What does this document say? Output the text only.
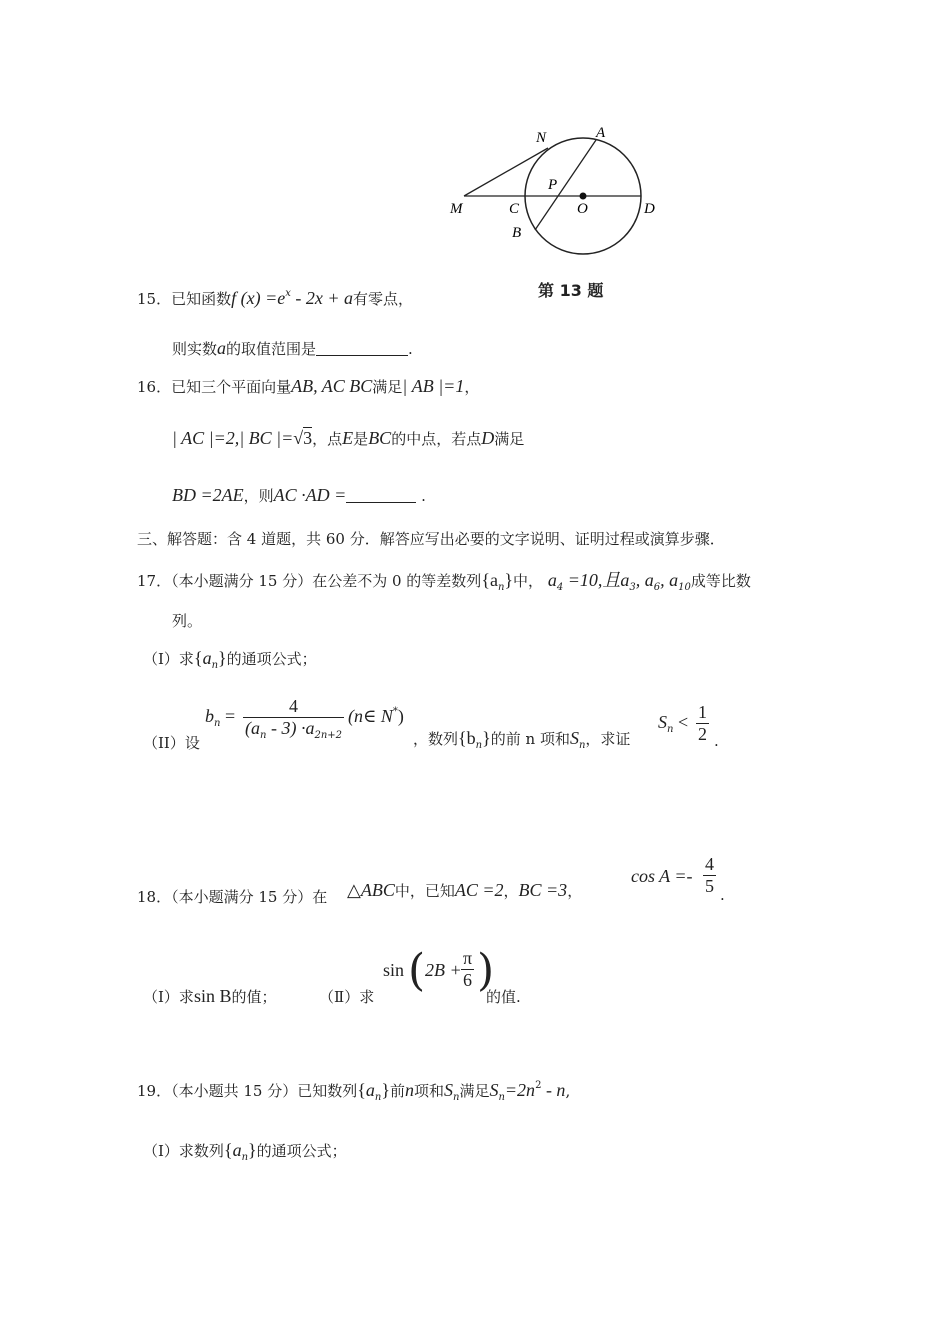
N	A
P
M	C	O	D
B
第 13 题
15．已知函数f $(x) =e^x - 2x + a$有零点，
则实数a的取值范围是	.
16．已知三个平面向量AB, AC BC满足| AB |=1，
| AC |=2,| BC |=√3，点E是BC的中点，若点D满足
BD =2AE，则AC ·AD =	.
三、解答题：含 4 道题，共 60 分．解答应写出必要的文字说明、证明过程或演算步骤．
17．（本小题满分 15 分）在公差不为 0 的等差数列$\{a_n\}$中， $a_4 =10$,且$a_3$, $a_6$, $a_{10}$成等比数
列。
（I）求$\{a_n\}$的通项公式；
（II）设
$b_n$ =	4
$(a_n - 3) \cdot a_{2n+2}$
(n∈ N*)
，数列$\{b_n\}$的前 n 项和$S_n$，求证
$S_n < \frac{1}{2}$ .
18．（本小题满分 15 分）在 △ABC中，已知AC =2，BC =3，
$\cos A =- \frac{4}{5}$ .
（Ⅰ）求sin B的值；	（Ⅱ）求
sin ( $2B + \frac{\pi}{6}$ )
的值.
19．（本小题共 15 分）已知数列$\{a_n\}$前n项和$S_n$满足$S_n=2n^2 - n$,
（Ⅰ）求数列$\{a_n\}$的通项公式；
